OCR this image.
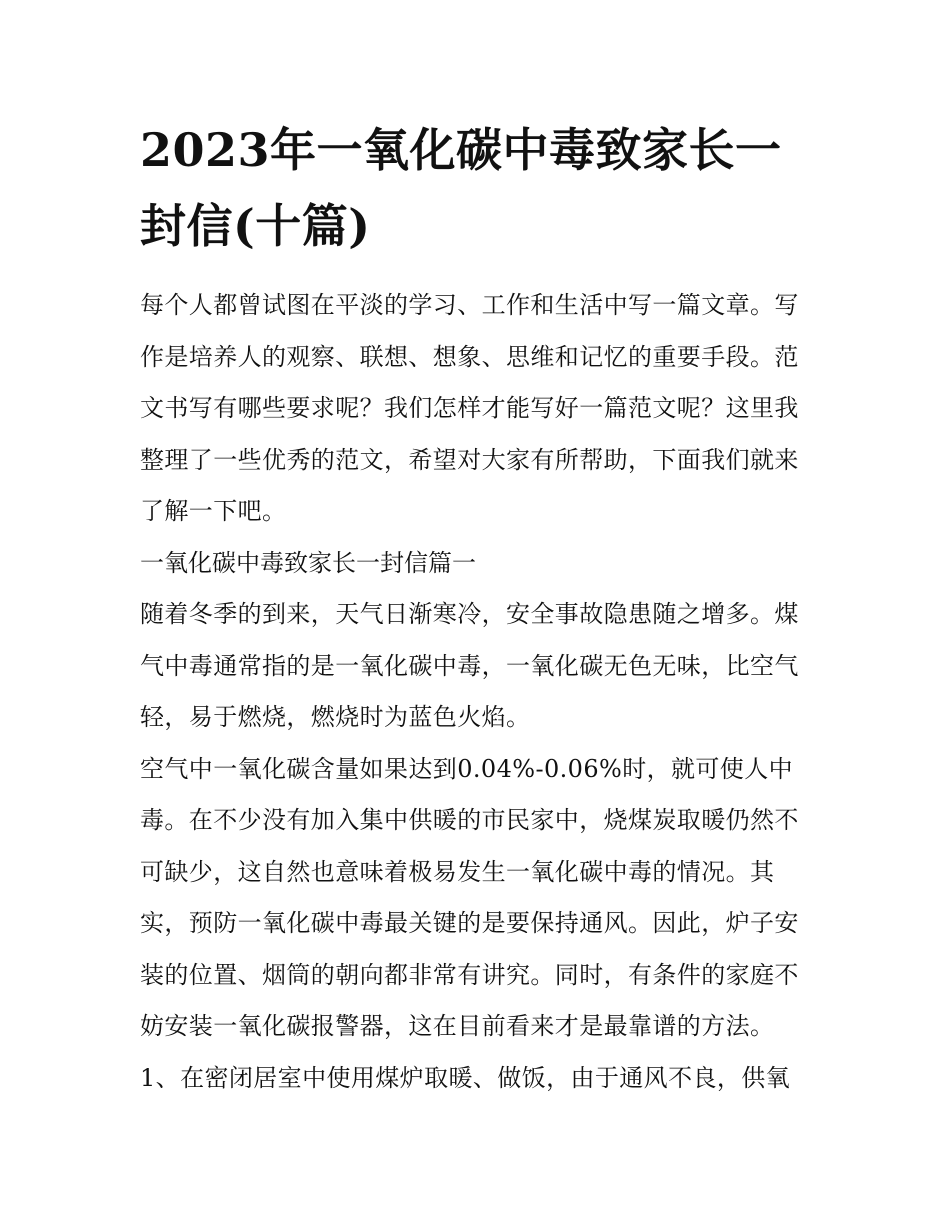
2023年一氧化碳中毒致家长一封信(十篇)

每个人都曾试图在平淡的学习、工作和生活中写一篇文章。写作是培养人的观察、联想、想象、思维和记忆的重要手段。范文书写有哪些要求呢？我们怎样才能写好一篇范文呢？这里我整理了一些优秀的范文，希望对大家有所帮助，下面我们就来了解一下吧。

一氧化碳中毒致家长一封信篇一

随着冬季的到来，天气日渐寒冷，安全事故隐患随之增多。煤气中毒通常指的是一氧化碳中毒，一氧化碳无色无味，比空气轻，易于燃烧，燃烧时为蓝色火焰。

空气中一氧化碳含量如果达到0.04%-0.06%时，就可使人中毒。在不少没有加入集中供暖的市民家中，烧煤炭取暖仍然不可缺少，这自然也意味着极易发生一氧化碳中毒的情况。其实，预防一氧化碳中毒最关键的是要保持通风。因此，炉子安装的位置、烟筒的朝向都非常有讲究。同时，有条件的家庭不妨安装一氧化碳报警器，这在目前看来才是最靠谱的方法。

1、在密闭居室中使用煤炉取暖、做饭，由于通风不良，供氧
